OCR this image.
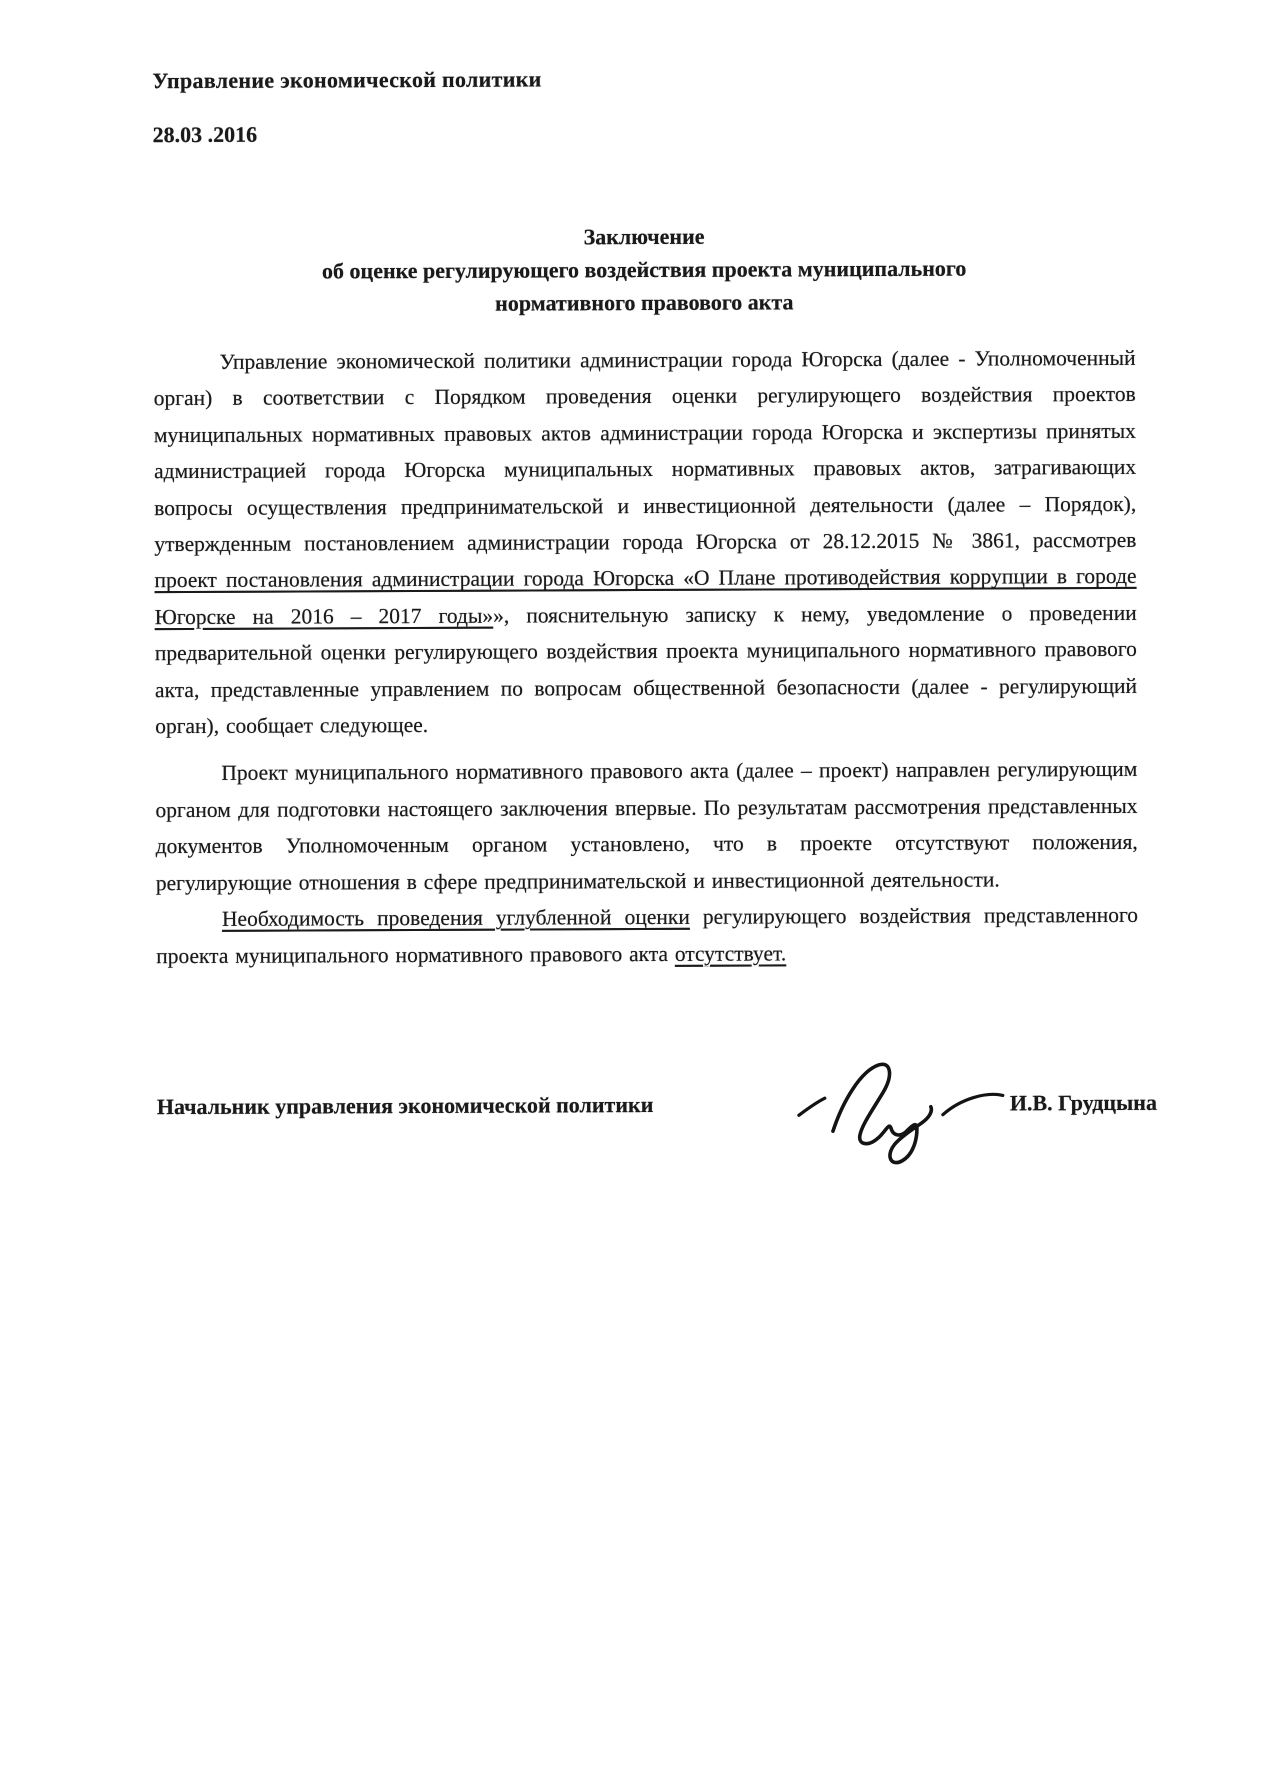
Управление экономической политики
28.03 .2016
Заключение
об оценке регулирующего воздействия проекта муниципального
нормативного правового акта

Управление экономической политики администрации города Югорска (далее - Уполномоченный орган) в соответствии с Порядком проведения оценки регулирующего воздействия проектов муниципальных нормативных правовых актов администрации города Югорска и экспертизы принятых администрацией города Югорска муниципальных нормативных правовых актов, затрагивающих вопросы осуществления предпринимательской и инвестиционной деятельности (далее – Порядок), утвержденным постановлением администрации города Югорска от 28.12.2015 № 3861, рассмотрев проект постановления администрации города Югорска «О Плане противодействия коррупции в городе Югорске на 2016 – 2017 годы»», пояснительную записку к нему, уведомление о проведении предварительной оценки регулирующего воздействия проекта муниципального нормативного правового акта, представленные управлением по вопросам общественной безопасности (далее - регулирующий орган), сообщает следующее.

Проект муниципального нормативного правового акта (далее – проект) направлен регулирующим органом для подготовки настоящего заключения впервые. По результатам рассмотрения представленных документов Уполномоченным органом установлено, что в проекте отсутствуют положения, регулирующие отношения в сфере предпринимательской и инвестиционной деятельности.

Необходимость проведения углубленной оценки регулирующего воздействия представленного проекта муниципального нормативного правового акта отсутствует.

Начальник управления экономической политики	И.В. Грудцына
